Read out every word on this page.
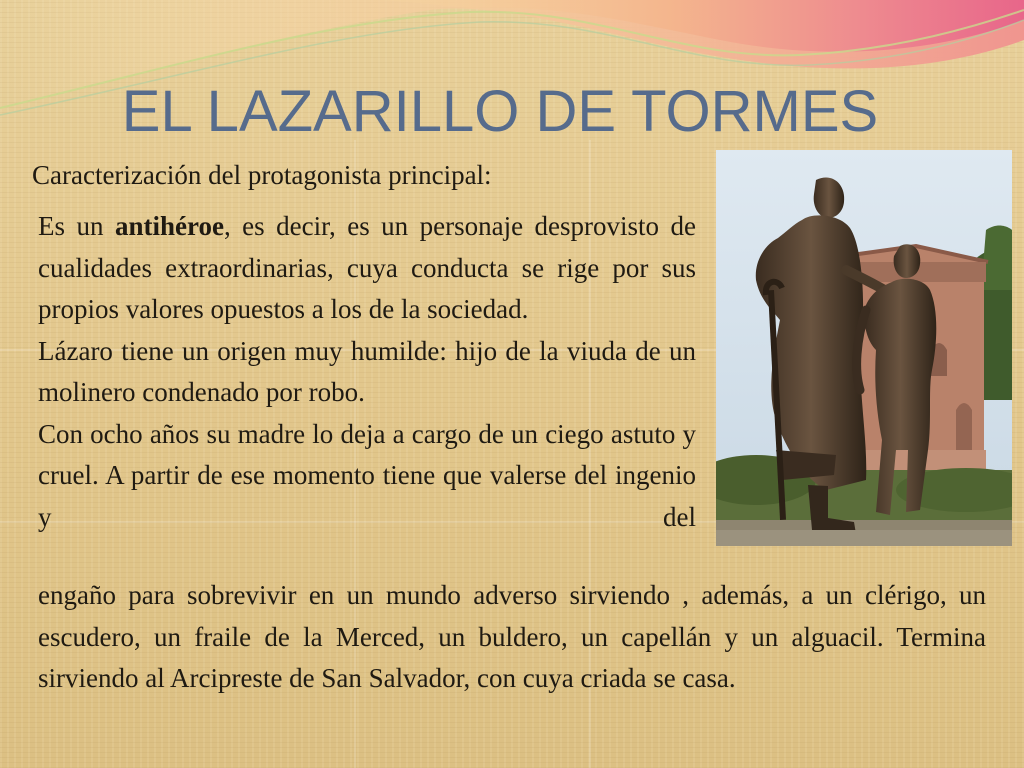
EL LAZARILLO DE TORMES

Caracterización del protagonista principal:

Es un antihéroe, es decir, es un personaje desprovisto de cualidades extraordinarias, cuya conducta se rige por sus propios valores opuestos a los de la sociedad.

Lázaro tiene un origen muy humilde: hijo de la viuda de un molinero condenado por robo.

Con ocho años su madre lo deja a cargo de un ciego astuto y cruel. A partir de ese momento tiene que valerse del ingenio y del

engaño para sobrevivir en un mundo adverso sirviendo , además, a un clérigo, un escudero, un fraile de la Merced, un buldero, un capellán y un alguacil. Termina sirviendo al Arcipreste de San Salvador, con cuya criada se casa.
